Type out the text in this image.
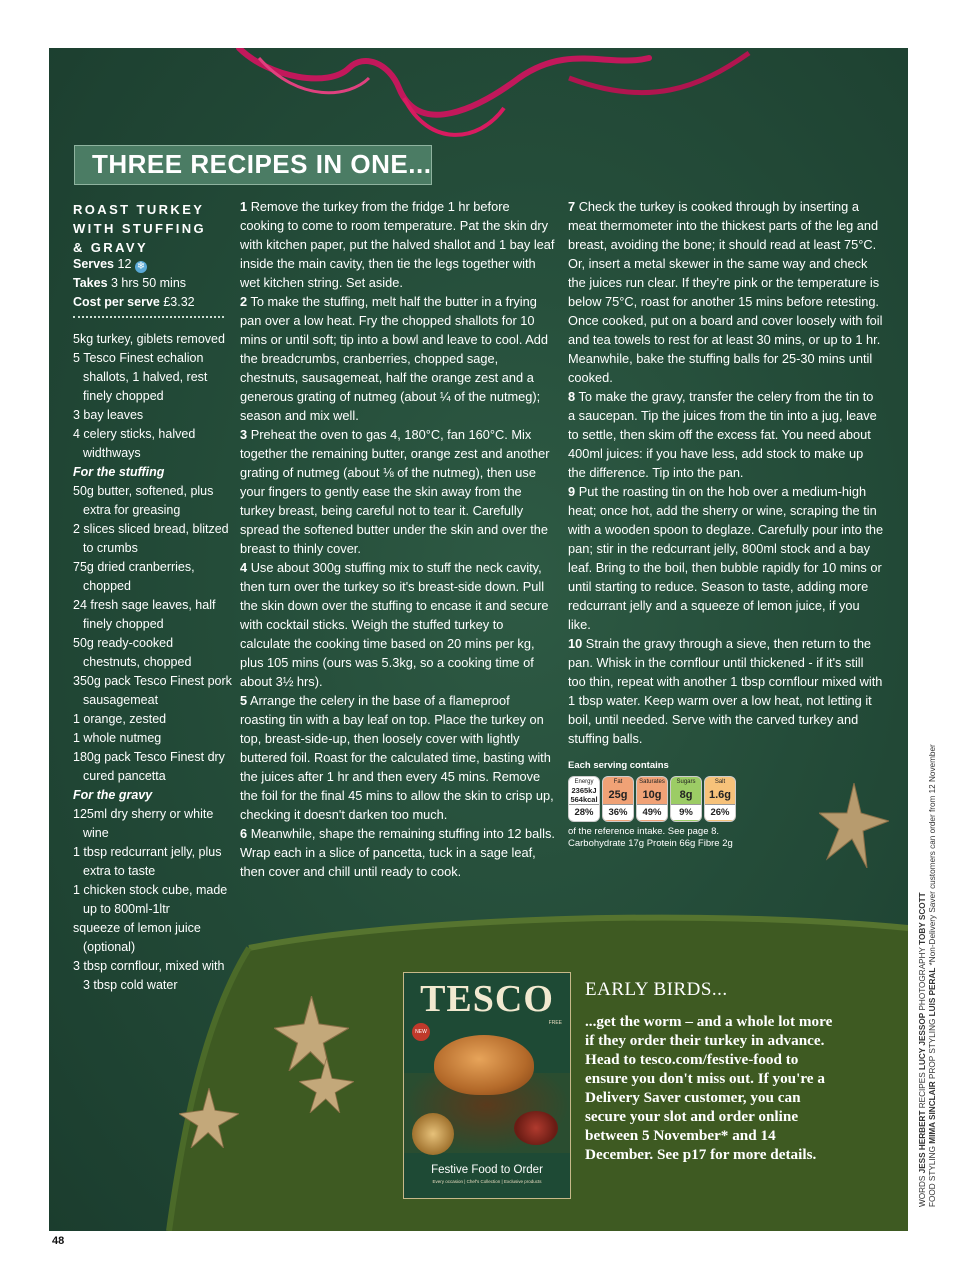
THREE RECIPES IN ONE...
ROAST TURKEY WITH STUFFING & GRAVY
Serves 12 ❄
Takes 3 hrs 50 mins
Cost per serve £3.32
5kg turkey, giblets removed
5 Tesco Finest echalion shallots, 1 halved, rest finely chopped
3 bay leaves
4 celery sticks, halved widthways
For the stuffing
50g butter, softened, plus extra for greasing
2 slices sliced bread, blitzed to crumbs
75g dried cranberries, chopped
24 fresh sage leaves, half finely chopped
50g ready-cooked chestnuts, chopped
350g pack Tesco Finest pork sausagemeat
1 orange, zested
1 whole nutmeg
180g pack Tesco Finest dry cured pancetta
For the gravy
125ml dry sherry or white wine
1 tbsp redcurrant jelly, plus extra to taste
1 chicken stock cube, made up to 800ml-1ltr
squeeze of lemon juice (optional)
3 tbsp cornflour, mixed with 3 tbsp cold water
1 Remove the turkey from the fridge 1 hr before cooking to come to room temperature. Pat the skin dry with kitchen paper, put the halved shallot and 1 bay leaf inside the main cavity, then tie the legs together with wet kitchen string. Set aside.
2 To make the stuffing, melt half the butter in a frying pan over a low heat. Fry the chopped shallots for 10 mins or until soft; tip into a bowl and leave to cool. Add the breadcrumbs, cranberries, chopped sage, chestnuts, sausagemeat, half the orange zest and a generous grating of nutmeg (about ¼ of the nutmeg); season and mix well.
3 Preheat the oven to gas 4, 180°C, fan 160°C. Mix together the remaining butter, orange zest and another grating of nutmeg (about ⅛ of the nutmeg), then use your fingers to gently ease the skin away from the turkey breast, being careful not to tear it. Carefully spread the softened butter under the skin and over the breast to thinly cover.
4 Use about 300g stuffing mix to stuff the neck cavity, then turn over the turkey so it's breast-side down. Pull the skin down over the stuffing to encase it and secure with cocktail sticks. Weigh the stuffed turkey to calculate the cooking time based on 20 mins per kg, plus 105 mins (ours was 5.3kg, so a cooking time of about 3½ hrs).
5 Arrange the celery in the base of a flameproof roasting tin with a bay leaf on top. Place the turkey on top, breast-side-up, then loosely cover with lightly buttered foil. Roast for the calculated time, basting with the juices after 1 hr and then every 45 mins. Remove the foil for the final 45 mins to allow the skin to crisp up, checking it doesn't darken too much.
6 Meanwhile, shape the remaining stuffing into 12 balls. Wrap each in a slice of pancetta, tuck in a sage leaf, then cover and chill until ready to cook.
7 Check the turkey is cooked through by inserting a meat thermometer into the thickest parts of the leg and breast, avoiding the bone; it should read at least 75°C. Or, insert a metal skewer in the same way and check the juices run clear. If they're pink or the temperature is below 75°C, roast for another 15 mins before retesting. Once cooked, put on a board and cover loosely with foil and tea towels to rest for at least 30 mins, or up to 1 hr. Meanwhile, bake the stuffing balls for 25-30 mins until cooked.
8 To make the gravy, transfer the celery from the tin to a saucepan. Tip the juices from the tin into a jug, leave to settle, then skim off the excess fat. You need about 400ml juices: if you have less, add stock to make up the difference. Tip into the pan.
9 Put the roasting tin on the hob over a medium-high heat; once hot, add the sherry or wine, scraping the tin with a wooden spoon to deglaze. Carefully pour into the pan; stir in the redcurrant jelly, 800ml stock and a bay leaf. Bring to the boil, then bubble rapidly for 10 mins or until starting to reduce. Season to taste, adding more redcurrant jelly and a squeeze of lemon juice, if you like.
10 Strain the gravy through a sieve, then return to the pan. Whisk in the cornflour until thickened - if it's still too thin, repeat with another 1 tbsp cornflour mixed with 1 tbsp water. Keep warm over a low heat, not letting it boil, until needed. Serve with the carved turkey and stuffing balls.
Each serving contains
Energy
2365kJ
564kcal
28%
Fat
25g
36%
Saturates
10g
49%
Sugars
8g
9%
Salt
1.6g
26%
of the reference intake. See page 8.
Carbohydrate 17g Protein 66g Fibre 2g
TESCO
NEW
FREE
Festive Food to Order
Every occasion | Chef's Collection | Exclusive products
EARLY BIRDS...
...get the worm – and a whole lot more if they order their turkey in advance. Head to tesco.com/festive-food to ensure you don't miss out. If you're a Delivery Saver customer, you can secure your slot and order online between 5 November* and 14 December. See p17 for more details.
WORDS JESS HERBERT RECIPES LUCY JESSOP PHOTOGRAPHY TOBY SCOTT
FOOD STYLING MIMA SINCLAIR PROP STYLING LUIS PERAL *Non-Delivery Saver customers can order from 12 November
48
